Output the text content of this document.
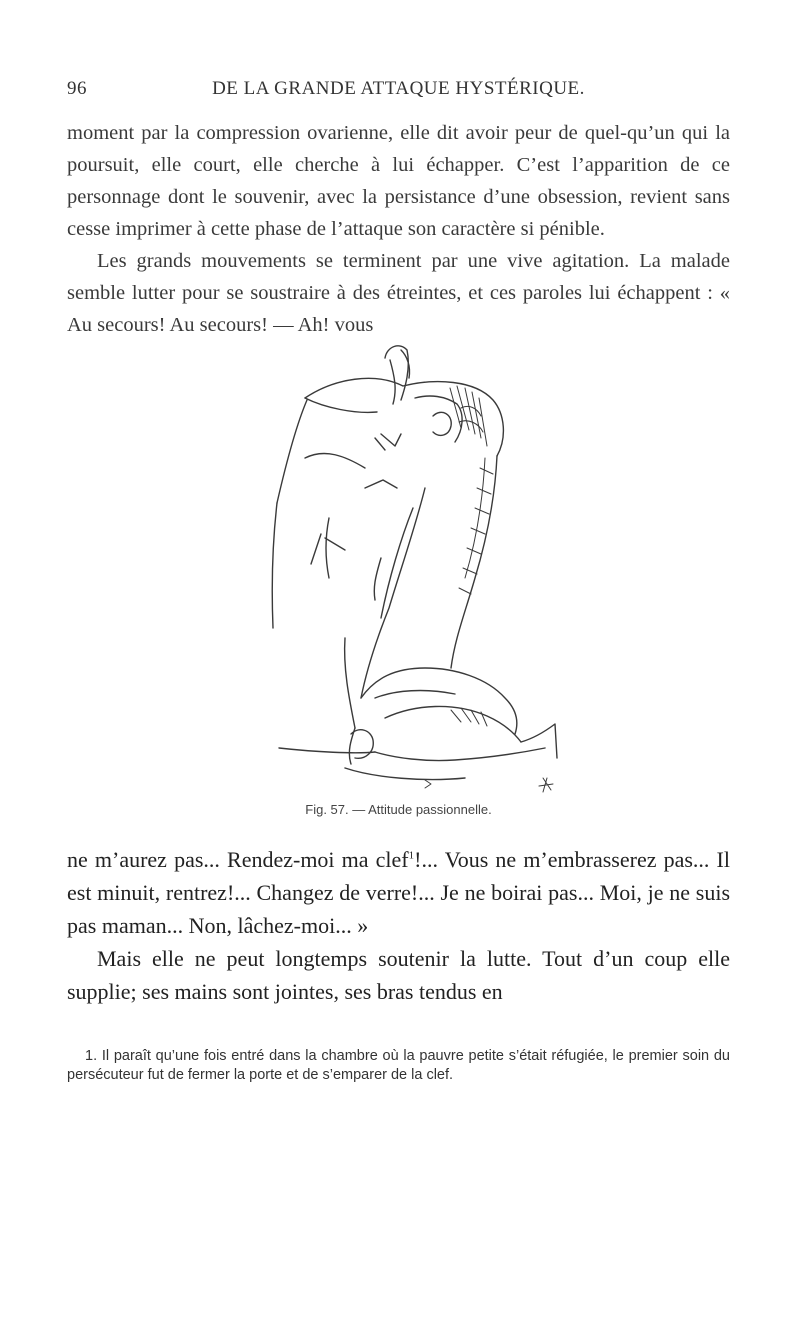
96	DE LA GRANDE ATTAQUE HYSTÉRIQUE.

moment par la compression ovarienne, elle dit avoir peur de quel-qu’un qui la poursuit, elle court, elle cherche à lui échapper. C’est l’apparition de ce personnage dont le souvenir, avec la persistance d’une obsession, revient sans cesse imprimer à cette phase de l’attaque son caractère si pénible.

Les grands mouvements se terminent par une vive agitation. La malade semble lutter pour se soustraire à des étreintes, et ces paroles lui échappent : « Au secours! Au secours! — Ah! vous

Fig. 57. — Attitude passionnelle.

ne m’aurez pas... Rendez-moi ma clef$^1$!... Vous ne m’embrasserez pas... Il est minuit, rentrez!... Changez de verre!... Je ne boirai pas... Moi, je ne suis pas maman... Non, lâchez-moi... »

Mais elle ne peut longtemps soutenir la lutte. Tout d’un coup elle supplie; ses mains sont jointes, ses bras tendus en

1. Il paraît qu’une fois entré dans la chambre où la pauvre petite s’était réfugiée, le premier soin du persécuteur fut de fermer la porte et de s’emparer de la clef.
